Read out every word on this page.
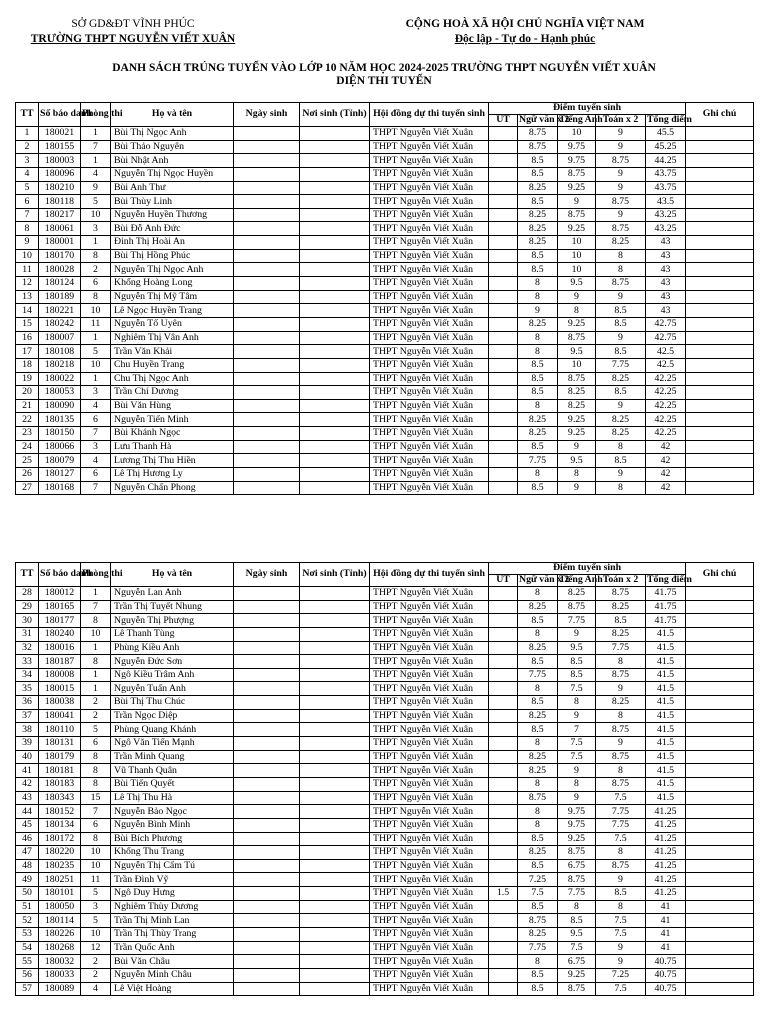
SỞ GD&ĐT VĨNH PHÚC
TRƯỜNG THPT NGUYỄN VIẾT XUÂN
CỘNG HOÀ XÃ HỘI CHỦ NGHĨA VIỆT NAM
Độc lập - Tự do - Hạnh phúc
DANH SÁCH TRÚNG TUYỂN VÀO LỚP 10 NĂM HỌC 2024-2025 TRƯỜNG THPT NGUYỄN VIẾT XUÂN
DIỆN THI TUYỂN
TT	Số báo danh	Phòng thi	Họ và tên	Ngày sinh	Nơi sinh (Tỉnh)	Hội đồng dự thi tuyển sinh	Điểm tuyển sinh					Ghi chú
							UT	Ngữ văn x 2	Tiếng Anh	Toán x 2	Tổng điểm	
1	180021	1	Bùi Thị Ngọc Anh			THPT Nguyễn Viết Xuân		8.75	10	9	45.5	
2	180155	7	Bùi Thảo Nguyên			THPT Nguyễn Viết Xuân		8.75	9.75	9	45.25	
3	180003	1	Bùi Nhật Anh			THPT Nguyễn Viết Xuân		8.5	9.75	8.75	44.25	
4	180096	4	Nguyễn Thị Ngọc Huyền			THPT Nguyễn Viết Xuân		8.5	8.75	9	43.75	
5	180210	9	Bùi Anh Thư			THPT Nguyễn Viết Xuân		8.25	9.25	9	43.75	
6	180118	5	Bùi Thùy Linh			THPT Nguyễn Viết Xuân		8.5	9	8.75	43.5	
7	180217	10	Nguyễn Huyền Thương			THPT Nguyễn Viết Xuân		8.25	8.75	9	43.25	
8	180061	3	Bùi Đỗ Anh Đức			THPT Nguyễn Viết Xuân		8.25	9.25	8.75	43.25	
9	180001	1	Đinh Thị Hoài An			THPT Nguyễn Viết Xuân		8.25	10	8.25	43	
10	180170	8	Bùi Thị Hồng Phúc			THPT Nguyễn Viết Xuân		8.5	10	8	43	
11	180028	2	Nguyễn Thị Ngọc Anh			THPT Nguyễn Viết Xuân		8.5	10	8	43	
12	180124	6	Khổng Hoàng Long			THPT Nguyễn Viết Xuân		8	9.5	8.75	43	
13	180189	8	Nguyễn Thị Mỹ Tâm			THPT Nguyễn Viết Xuân		8	9	9	43	
14	180221	10	Lê Ngọc Huyền Trang			THPT Nguyễn Viết Xuân		9	8	8.5	43	
15	180242	11	Nguyễn Tố Uyên			THPT Nguyễn Viết Xuân		8.25	9.25	8.5	42.75	
16	180007	1	Nghiêm Thị Vân Anh			THPT Nguyễn Viết Xuân		8	8.75	9	42.75	
17	180108	5	Trần Văn Khải			THPT Nguyễn Viết Xuân		8	9.5	8.5	42.5	
18	180218	10	Chu Huyền Trang			THPT Nguyễn Viết Xuân		8.5	10	7.75	42.5	
19	180022	1	Chu Thị Ngọc Anh			THPT Nguyễn Viết Xuân		8.5	8.75	8.25	42.25	
20	180053	3	Trần Chí Dương			THPT Nguyễn Viết Xuân		8.5	8.25	8.5	42.25	
21	180090	4	Bùi Văn Hùng			THPT Nguyễn Viết Xuân		8	8.25	9	42.25	
22	180135	6	Nguyễn Tiến Minh			THPT Nguyễn Viết Xuân		8.25	9.25	8.25	42.25	
23	180150	7	Bùi Khánh Ngọc			THPT Nguyễn Viết Xuân		8.25	9.25	8.25	42.25	
24	180066	3	Lưu Thanh Hà			THPT Nguyễn Viết Xuân		8.5	9	8	42	
25	180079	4	Lương Thị Thu Hiền			THPT Nguyễn Viết Xuân		7.75	9.5	8.5	42	
26	180127	6	Lê Thị Hương Ly			THPT Nguyễn Viết Xuân		8	8	9	42	
27	180168	7	Nguyễn Chấn Phong			THPT Nguyễn Viết Xuân		8.5	9	8	42	
TT	Số báo danh	Phòng thi	Họ và tên	Ngày sinh	Nơi sinh (Tỉnh)	Hội đồng dự thi tuyển sinh	Điểm tuyển sinh					Ghi chú
							UT	Ngữ văn x 2	Tiếng Anh	Toán x 2	Tổng điểm	
28	180012	1	Nguyễn Lan Anh			THPT Nguyễn Viết Xuân		8	8.25	8.75	41.75	
29	180165	7	Trần Thị Tuyết Nhung			THPT Nguyễn Viết Xuân		8.25	8.75	8.25	41.75	
30	180177	8	Nguyễn Thị Phượng			THPT Nguyễn Viết Xuân		8.5	7.75	8.5	41.75	
31	180240	10	Lê Thanh Tùng			THPT Nguyễn Viết Xuân		8	9	8.25	41.5	
32	180016	1	Phùng Kiều Anh			THPT Nguyễn Viết Xuân		8.25	9.5	7.75	41.5	
33	180187	8	Nguyễn Đức Sơn			THPT Nguyễn Viết Xuân		8.5	8.5	8	41.5	
34	180008	1	Ngô Kiều Trâm Anh			THPT Nguyễn Viết Xuân		7.75	8.5	8.75	41.5	
35	180015	1	Nguyễn Tuấn Anh			THPT Nguyễn Viết Xuân		8	7.5	9	41.5	
36	180038	2	Bùi Thị Thu Chúc			THPT Nguyễn Viết Xuân		8.5	8	8.25	41.5	
37	180041	2	Trần Ngọc Diệp			THPT Nguyễn Viết Xuân		8.25	9	8	41.5	
38	180110	5	Phùng Quang Khánh			THPT Nguyễn Viết Xuân		8.5	7	8.75	41.5	
39	180131	6	Ngô Văn Tiến Mạnh			THPT Nguyễn Viết Xuân		8	7.5	9	41.5	
40	180179	8	Trần Minh Quang			THPT Nguyễn Viết Xuân		8.25	7.5	8.75	41.5	
41	180181	8	Vũ Thanh Quân			THPT Nguyễn Viết Xuân		8.25	9	8	41.5	
42	180183	8	Bùi Tiến Quyết			THPT Nguyễn Viết Xuân		8	8	8.75	41.5	
43	180343	15	Lê Thị Thu Hà			THPT Nguyễn Viết Xuân		8.75	9	7.5	41.5	
44	180152	7	Nguyễn Bảo Ngọc			THPT Nguyễn Viết Xuân		8	9.75	7.75	41.25	
45	180134	6	Nguyễn Bình Minh			THPT Nguyễn Viết Xuân		8	9.75	7.75	41.25	
46	180172	8	Bùi Bích Phương			THPT Nguyễn Viết Xuân		8.5	9.25	7.5	41.25	
47	180220	10	Khổng Thu Trang			THPT Nguyễn Viết Xuân		8.25	8.75	8	41.25	
48	180235	10	Nguyễn Thị Cẩm Tú			THPT Nguyễn Viết Xuân		8.5	6.75	8.75	41.25	
49	180251	11	Trần Đình Vỹ			THPT Nguyễn Viết Xuân		7.25	8.75	9	41.25	
50	180101	5	Ngô Duy Hưng			THPT Nguyễn Viết Xuân	1.5	7.5	7.75	8.5	41.25	
51	180050	3	Nghiêm Thùy Dương			THPT Nguyễn Viết Xuân		8.5	8	8	41	
52	180114	5	Trần Thị Minh Lan			THPT Nguyễn Viết Xuân		8.75	8.5	7.5	41	
53	180226	10	Trần Thị Thùy Trang			THPT Nguyễn Viết Xuân		8.25	9.5	7.5	41	
54	180268	12	Trần Quốc Anh			THPT Nguyễn Viết Xuân		7.75	7.5	9	41	
55	180032	2	Bùi Văn Châu			THPT Nguyễn Viết Xuân		8	6.75	9	40.75	
56	180033	2	Nguyễn Minh Châu			THPT Nguyễn Viết Xuân		8.5	9.25	7.25	40.75	
57	180089	4	Lê Việt Hoàng			THPT Nguyễn Viết Xuân		8.5	8.75	7.5	40.75	
